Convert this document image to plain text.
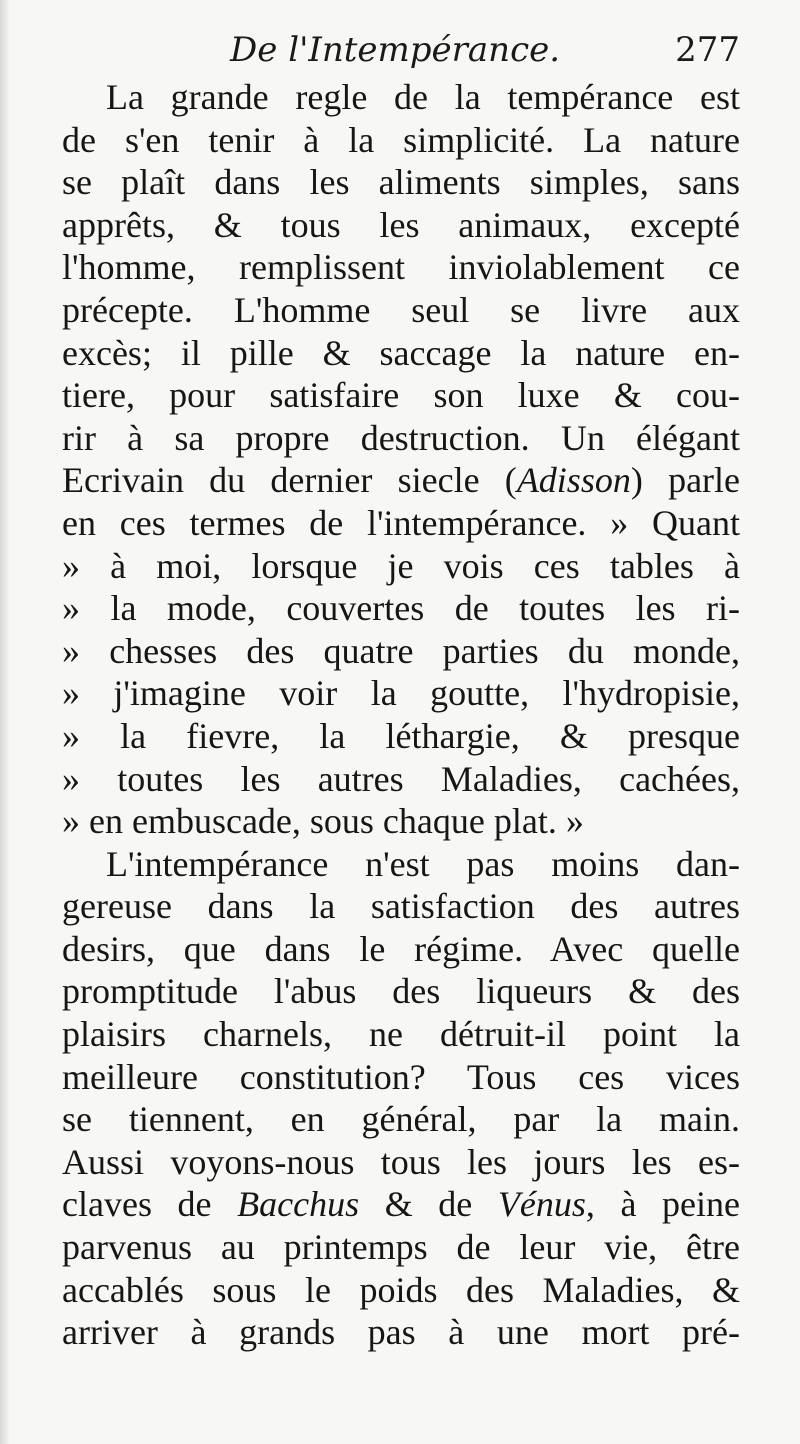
De l'Intempérance.	277
La grande regle de la tempérance est
de s'en tenir à la simplicité. La nature
se plaît dans les aliments simples, sans
apprêts, & tous les animaux, excepté
l'homme, remplissent inviolablement ce
précepte. L'homme seul se livre aux
excès; il pille & saccage la nature en-
tiere, pour satisfaire son luxe & cou-
rir à sa propre destruction. Un élégant
Ecrivain du dernier siecle (Adisson) parle
en ces termes de l'intempérance. » Quant
» à moi, lorsque je vois ces tables à
» la mode, couvertes de toutes les ri-
» chesses des quatre parties du monde,
» j'imagine voir la goutte, l'hydropisie,
» la fievre, la léthargie, & presque
» toutes les autres Maladies, cachées,
» en embuscade, sous chaque plat. »
L'intempérance n'est pas moins dan-
gereuse dans la satisfaction des autres
desirs, que dans le régime. Avec quelle
promptitude l'abus des liqueurs & des
plaisirs charnels, ne détruit-il point la
meilleure constitution? Tous ces vices
se tiennent, en général, par la main.
Aussi voyons-nous tous les jours les es-
claves de Bacchus & de Vénus, à peine
parvenus au printemps de leur vie, être
accablés sous le poids des Maladies, &
arriver à grands pas à une mort pré-
